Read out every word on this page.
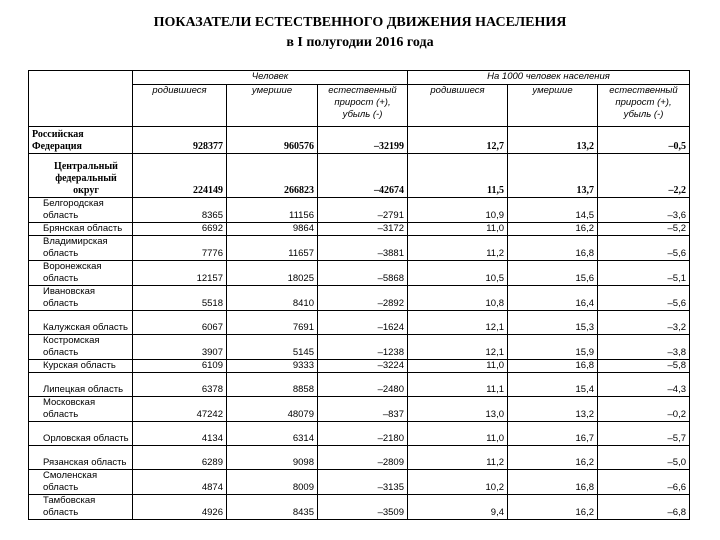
ПОКАЗАТЕЛИ ЕСТЕСТВЕННОГО ДВИЖЕНИЯ НАСЕЛЕНИЯ
в I полугодии 2016 года
	Человек			На 1000 человек населения		
	родившиеся	умершие	естественный прирост (+), убыль (-)	родившиеся	умершие	естественный прирост (+), убыль (-)
Российская Федерация	928377	960576	–32199	12,7	13,2	–0,5
Центральный федеральный округ	224149	266823	–42674	11,5	13,7	–2,2
Белгородская область	8365	11156	–2791	10,9	14,5	–3,6
Брянская область	6692	9864	–3172	11,0	16,2	–5,2
Владимирская область	7776	11657	–3881	11,2	16,8	–5,6
Воронежская область	12157	18025	–5868	10,5	15,6	–5,1
Ивановская область	5518	8410	–2892	10,8	16,4	–5,6
Калужская область	6067	7691	–1624	12,1	15,3	–3,2
Костромская область	3907	5145	–1238	12,1	15,9	–3,8
Курская область	6109	9333	–3224	11,0	16,8	–5,8
Липецкая область	6378	8858	–2480	11,1	15,4	–4,3
Московская область	47242	48079	–837	13,0	13,2	–0,2
Орловская область	4134	6314	–2180	11,0	16,7	–5,7
Рязанская область	6289	9098	–2809	11,2	16,2	–5,0
Смоленская область	4874	8009	–3135	10,2	16,8	–6,6
Тамбовская область	4926	8435	–3509	9,4	16,2	–6,8
